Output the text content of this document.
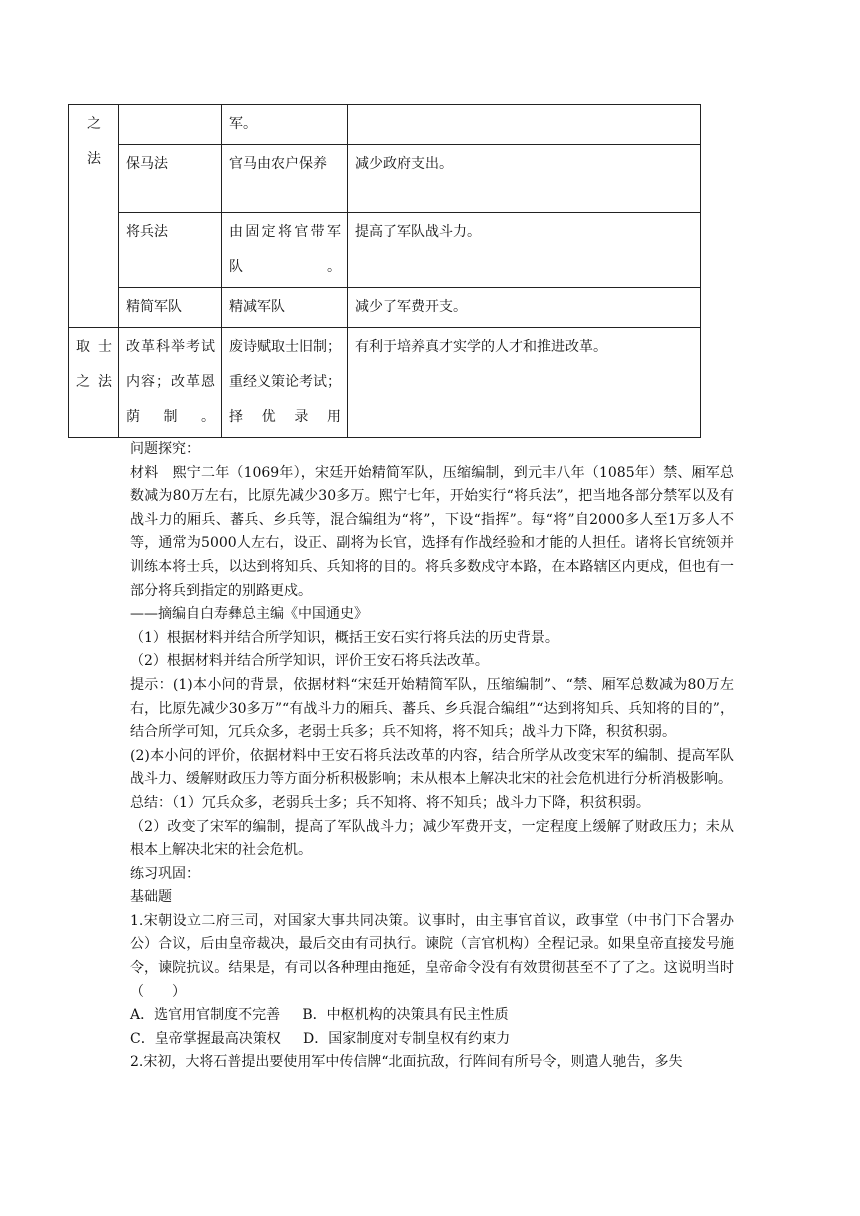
之
法		军。	
	保马法	官马由农户保养	减少政府支出。
	将兵法	由固定将官带军队。	提高了军队战斗力。
	精简军队	精减军队	减少了军费开支。
取士之法	改革科举考试内容；改革恩荫制。	废诗赋取士旧制；重经义策论考试；择优录用	有利于培养真才实学的人才和推进改革。

问题探究：

材料　熙宁二年（1069年），宋廷开始精简军队，压缩编制，到元丰八年（1085年）禁、厢军总数减为80万左右，比原先减少30多万。熙宁七年，开始实行“将兵法”，把当地各部分禁军以及有战斗力的厢兵、蕃兵、乡兵等，混合编组为“将”，下设“指挥”。每“将”自2000多人至1万多人不等，通常为5000人左右，设正、副将为长官，选择有作战经验和才能的人担任。诸将长官统领并训练本将士兵，以达到将知兵、兵知将的目的。将兵多数戍守本路，在本路辖区内更戍，但也有一部分将兵到指定的别路更戍。

——摘编自白寿彝总主编《中国通史》

（1）根据材料并结合所学知识，概括王安石实行将兵法的历史背景。

（2）根据材料并结合所学知识，评价王安石将兵法改革。

提示：(1)本小问的背景，依据材料“宋廷开始精简军队，压缩编制”、“禁、厢军总数减为80万左右，比原先减少30多万”“有战斗力的厢兵、蕃兵、乡兵混合编组”“达到将知兵、兵知将的目的”，结合所学可知，冗兵众多，老弱士兵多；兵不知将，将不知兵；战斗力下降，积贫积弱。

(2)本小问的评价，依据材料中王安石将兵法改革的内容，结合所学从改变宋军的编制、提高军队战斗力、缓解财政压力等方面分析积极影响；未从根本上解决北宋的社会危机进行分析消极影响。

总结：（1）冗兵众多，老弱兵士多；兵不知将、将不知兵；战斗力下降，积贫积弱。

（2）改变了宋军的编制，提高了军队战斗力；减少军费开支，一定程度上缓解了财政压力；未从根本上解决北宋的社会危机。

练习巩固：

基础题

1.宋朝设立二府三司，对国家大事共同决策。议事时，由主事官首议，政事堂（中书门下合署办公）合议，后由皇帝裁决，最后交由有司执行。谏院（言官机构）全程记录。如果皇帝直接发号施令，谏院抗议。结果是，有司以各种理由拖延，皇帝命令没有有效贯彻甚至不了了之。这说明当时（　　）

A．选官用官制度不完善 B．中枢机构的决策具有民主性质

C．皇帝掌握最高决策权 D．国家制度对专制皇权有约束力

2.宋初，大将石普提出要使用军中传信牌“北面抗敌，行阵间有所号令，则遣人驰告，多失
